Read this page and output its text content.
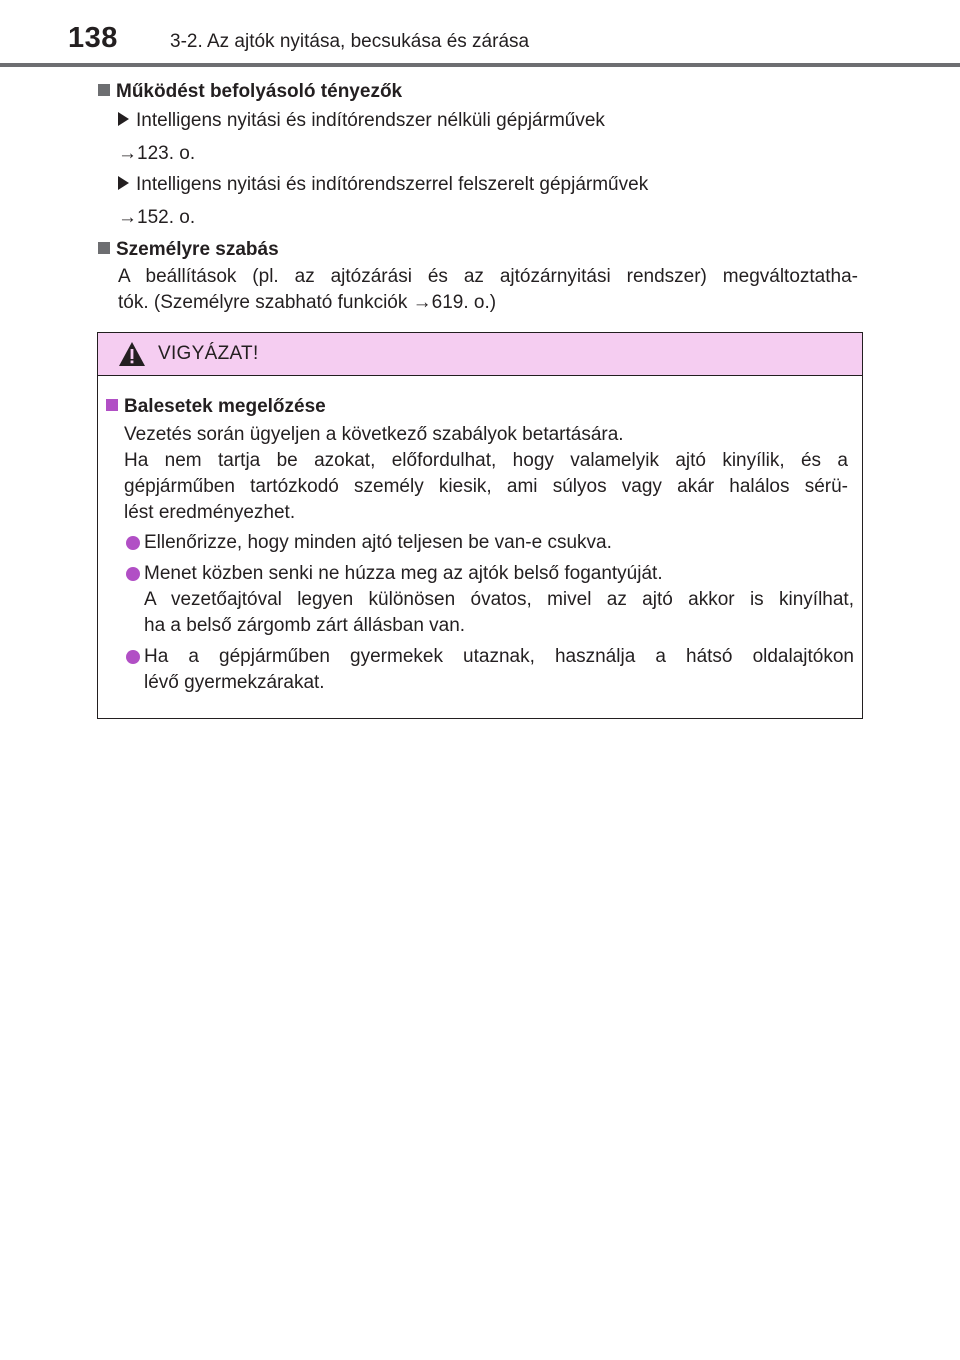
138	3-2. Az ajtók nyitása, becsukása és zárása
Működést befolyásoló tényezők
Intelligens nyitási és indítórendszer nélküli gépjárművek
→123. o.
Intelligens nyitási és indítórendszerrel felszerelt gépjárművek
→152. o.
Személyre szabás
A beállítások (pl. az ajtózárási és az ajtózárnyitási rendszer) megváltoztatha-
tók. (Személyre szabható funkciók →619. o.)
VIGYÁZAT!
Balesetek megelőzése
Vezetés során ügyeljen a következő szabályok betartására.
Ha nem tartja be azokat, előfordulhat, hogy valamelyik ajtó kinyílik, és a
gépjárműben tartózkodó személy kiesik, ami súlyos vagy akár halálos sérü-
lést eredményezhet.
Ellenőrizze, hogy minden ajtó teljesen be van-e csukva.
Menet közben senki ne húzza meg az ajtók belső fogantyúját.
A vezetőajtóval legyen különösen óvatos, mivel az ajtó akkor is kinyílhat,
ha a belső zárgomb zárt állásban van.
Ha a gépjárműben gyermekek utaznak, használja a hátsó oldalajtókon
lévő gyermekzárakat.
